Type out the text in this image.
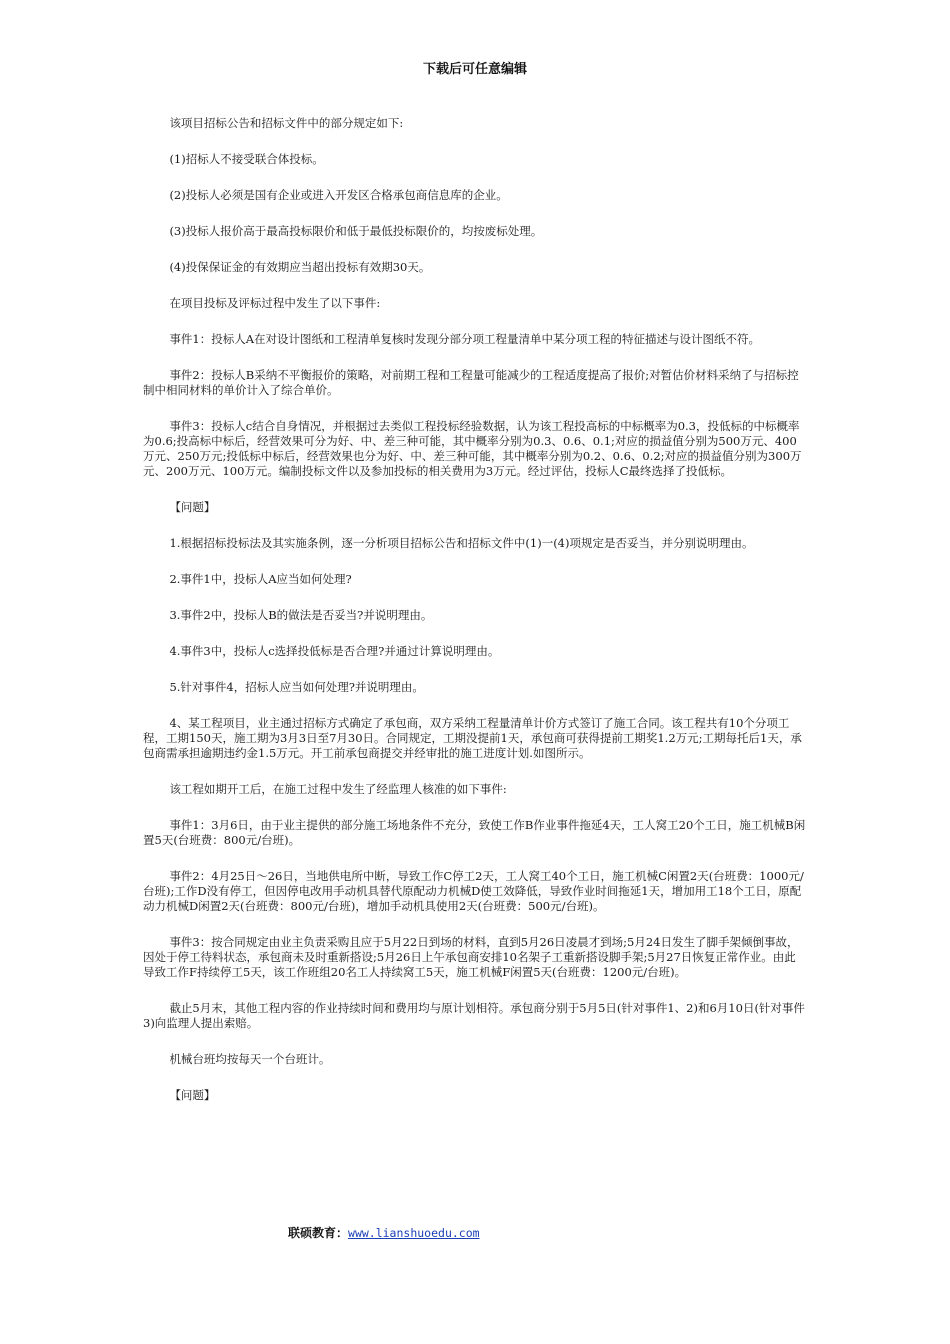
下载后可任意编辑

该项目招标公告和招标文件中的部分规定如下:

(1)招标人不接受联合体投标。

(2)投标人必须是国有企业或进入开发区合格承包商信息库的企业。

(3)投标人报价高于最高投标限价和低于最低投标限价的，均按废标处理。

(4)投保保证金的有效期应当超出投标有效期30天。

在项目投标及评标过程中发生了以下事件:

事件1：投标人A在对设计图纸和工程清单复核时发现分部分项工程量清单中某分项工程的特征描述与设计图纸不符。

事件2：投标人B采纳不平衡报价的策略，对前期工程和工程量可能减少的工程适度提高了报价;对暂估价材料采纳了与招标控制中相同材料的单价计入了综合单价。

事件3：投标人c结合自身情况，并根据过去类似工程投标经验数据，认为该工程投高标的中标概率为0.3，投低标的中标概率为0.6;投高标中标后，经营效果可分为好、中、差三种可能，其中概率分别为0.3、0.6、0.1;对应的损益值分别为500万元、400万元、250万元;投低标中标后，经营效果也分为好、中、差三种可能，其中概率分别为0.2、0.6、0.2;对应的损益值分别为300万元、200万元、100万元。编制投标文件以及参加投标的相关费用为3万元。经过评估，投标人C最终选择了投低标。

【问题】

1.根据招标投标法及其实施条例，逐一分析项目招标公告和招标文件中(1)一(4)项规定是否妥当，并分别说明理由。

2.事件1中，投标人A应当如何处理?

3.事件2中，投标人B的做法是否妥当?并说明理由。

4.事件3中，投标人c选择投低标是否合理?并通过计算说明理由。

5.针对事件4，招标人应当如何处理?并说明理由。

4、某工程项目，业主通过招标方式确定了承包商，双方采纳工程量清单计价方式签订了施工合同。该工程共有10个分项工程，工期150天，施工期为3月3日至7月30日。合同规定，工期没提前1天，承包商可获得提前工期奖1.2万元;工期每托后1天，承包商需承担逾期违约金1.5万元。开工前承包商提交并经审批的施工进度计划.如图所示。

该工程如期开工后，在施工过程中发生了经监理人核准的如下事件:

事件1：3月6日，由于业主提供的部分施工场地条件不充分，致使工作B作业事件拖延4天，工人窝工20个工日，施工机械B闲置5天(台班费：800元/台班)。

事件2：4月25日～26日，当地供电所中断，导致工作C停工2天，工人窝工40个工日，施工机械C闲置2天(台班费：1000元/台班);工作D没有停工，但因停电改用手动机具替代原配动力机械D使工效降低，导致作业时间拖延1天，增加用工18个工日，原配动力机械D闲置2天(台班费：800元/台班)，增加手动机具使用2天(台班费：500元/台班)。

事件3：按合同规定由业主负责采购且应于5月22日到场的材料，直到5月26日凌晨才到场;5月24日发生了脚手架倾倒事故，因处于停工待料状态，承包商未及时重新搭设;5月26日上午承包商安排10名架子工重新搭设脚手架;5月27日恢复正常作业。由此导致工作F持续停工5天，该工作班组20名工人持续窝工5天，施工机械F闲置5天(台班费：1200元/台班)。

截止5月末，其他工程内容的作业持续时间和费用均与原计划相符。承包商分别于5月5日(针对事件1、2)和6月10日(针对事件3)向监理人提出索赔。

机械台班均按每天一个台班计。

【问题】

联硕教育：www.lianshuoedu.com
